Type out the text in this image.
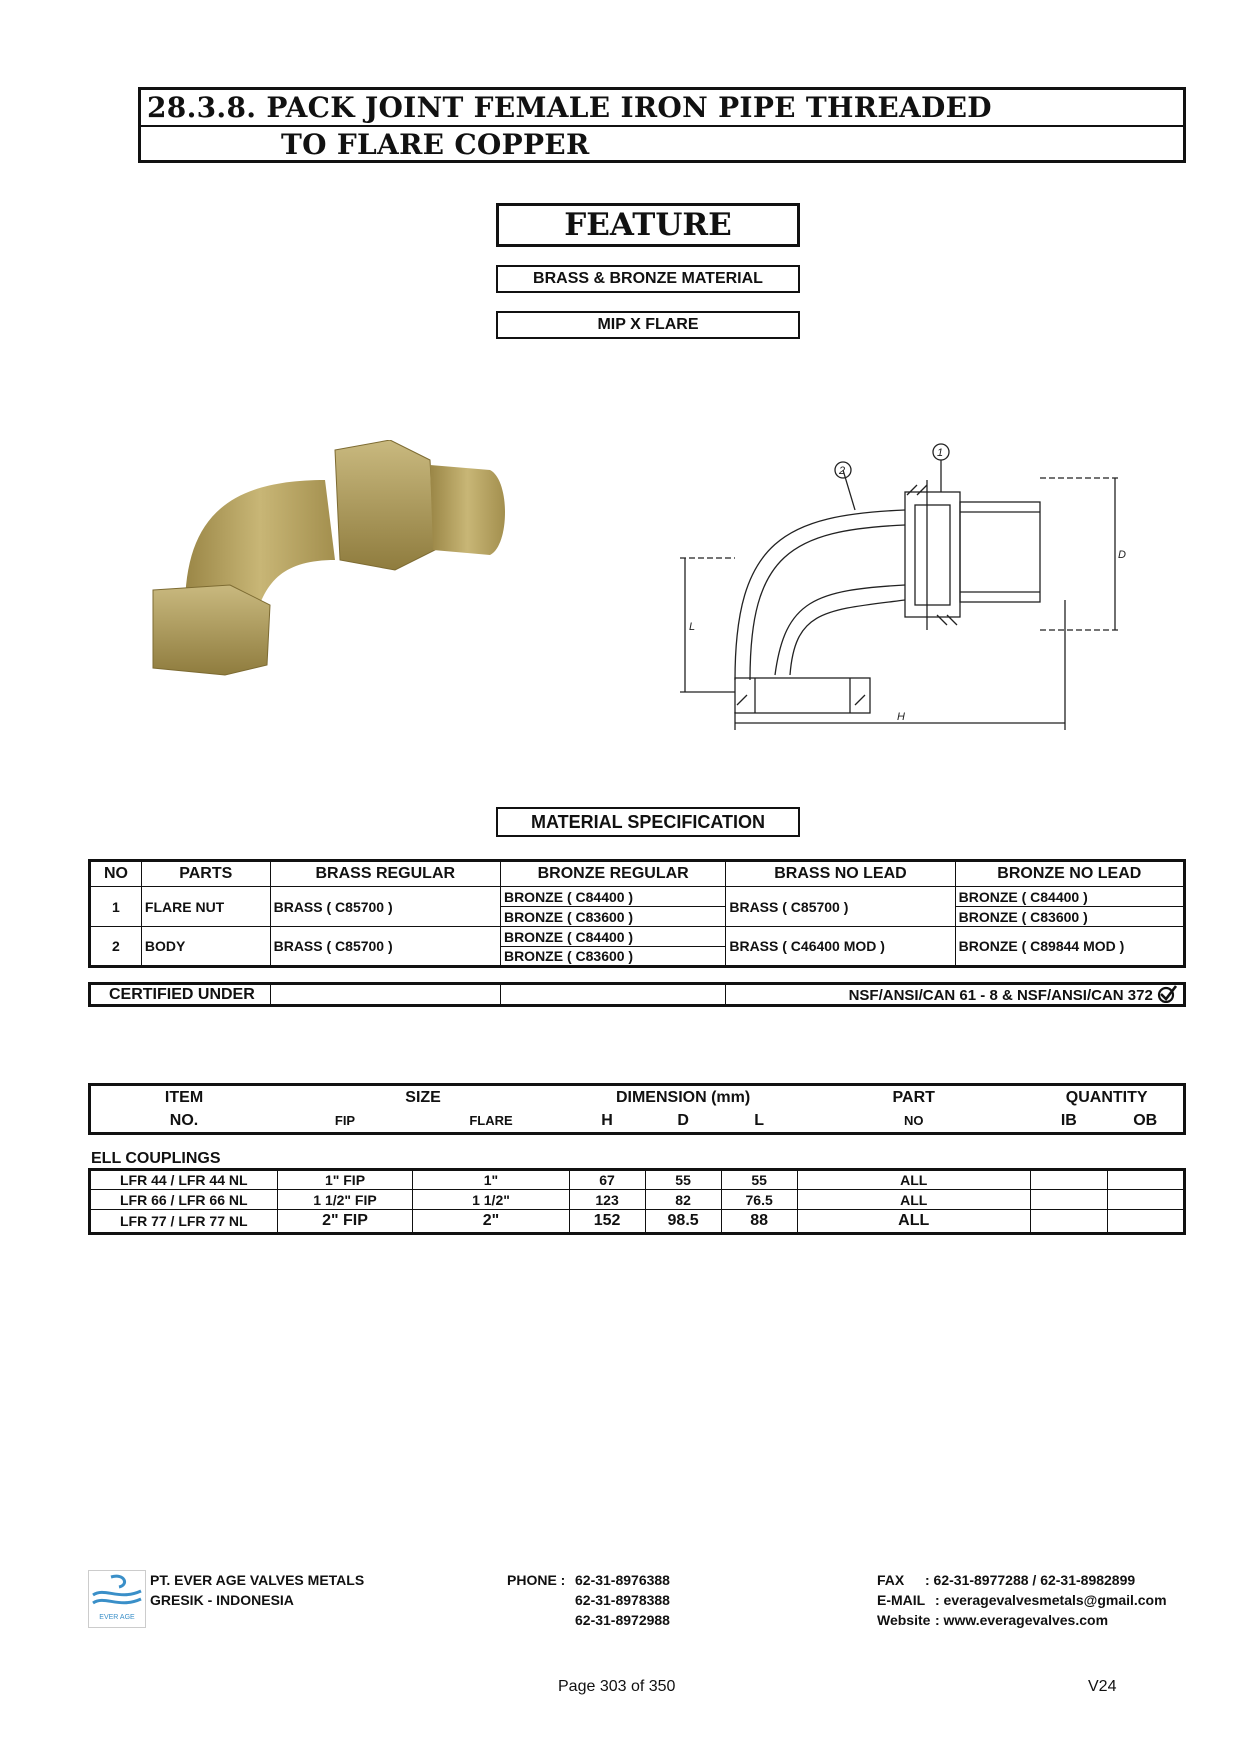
28.3.8. PACK JOINT FEMALE IRON PIPE THREADED
TO FLARE COPPER
FEATURE
BRASS & BRONZE MATERIAL
MIP X FLARE
2
1
D
L
H
MATERIAL SPECIFICATION
NO	PARTS	BRASS REGULAR	BRONZE REGULAR	BRASS NO LEAD	BRONZE NO LEAD
1	FLARE NUT	BRASS ( C85700 )	BRONZE ( C84400 )	BRASS ( C85700 )	BRONZE ( C84400 )
			BRONZE ( C83600 )		BRONZE ( C83600 )
2	BODY	BRASS ( C85700 )	BRONZE ( C84400 )	BRASS ( C46400 MOD )	BRONZE ( C89844 MOD )
			BRONZE ( C83600 )		
CERTIFIED UNDER			NSF/ANSI/CAN 61 - 8 & NSF/ANSI/CAN 372
ITEM	SIZE		DIMENSION (mm)			PART	QUANTITY	
NO.	FIP	FLARE	H	D	L	NO	IB	OB
ELL COUPLINGS
LFR 44 / LFR 44 NL	1" FIP	1"	67	55	55	ALL		
LFR 66 / LFR 66 NL	1 1/2" FIP	1 1/2"	123	82	76.5	ALL		
LFR 77 / LFR 77 NL	2" FIP	2"	152	98.5	88	ALL		
EVER AGE
PT. EVER AGE VALVES METALS
GRESIK - INDONESIA
PHONE : 62-31-8976388
62-31-8978388
62-31-8972988
FAX : 62-31-8977288 / 62-31-8982899
E-MAIL : everagevalvesmetals@gmail.com
Website : www.everagevalves.com
Page 303 of 350	V24
